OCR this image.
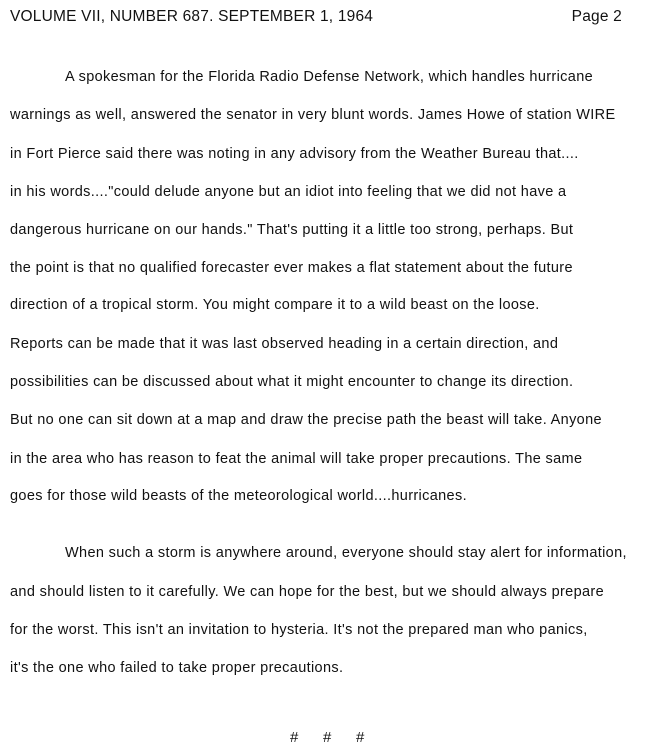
VOLUME VII, NUMBER 687. SEPTEMBER 1, 1964	Page 2
A spokesman for the Florida Radio Defense Network, which handles hurricane
warnings as well, answered the senator in very blunt words. James Howe of station WIRE
in Fort Pierce said there was noting in any advisory from the Weather Bureau that....
in his words...."could delude anyone but an idiot into feeling that we did not have a
dangerous hurricane on our hands." That's putting it a little too strong, perhaps. But
the point is that no qualified forecaster ever makes a flat statement about the future
direction of a tropical storm. You might compare it to a wild beast on the loose.
Reports can be made that it was last observed heading in a certain direction, and
possibilities can be discussed about what it might encounter to change its direction.
But no one can sit down at a map and draw the precise path the beast will take. Anyone
in the area who has reason to feat the animal will take proper precautions. The same
goes for those wild beasts of the meteorological world....hurricanes.
When such a storm is anywhere around, everyone should stay alert for information,
and should listen to it carefully. We can hope for the best, but we should always prepare
for the worst. This isn't an invitation to hysteria. It's not the prepared man who panics,
it's the one who failed to take proper precautions.
# # #
